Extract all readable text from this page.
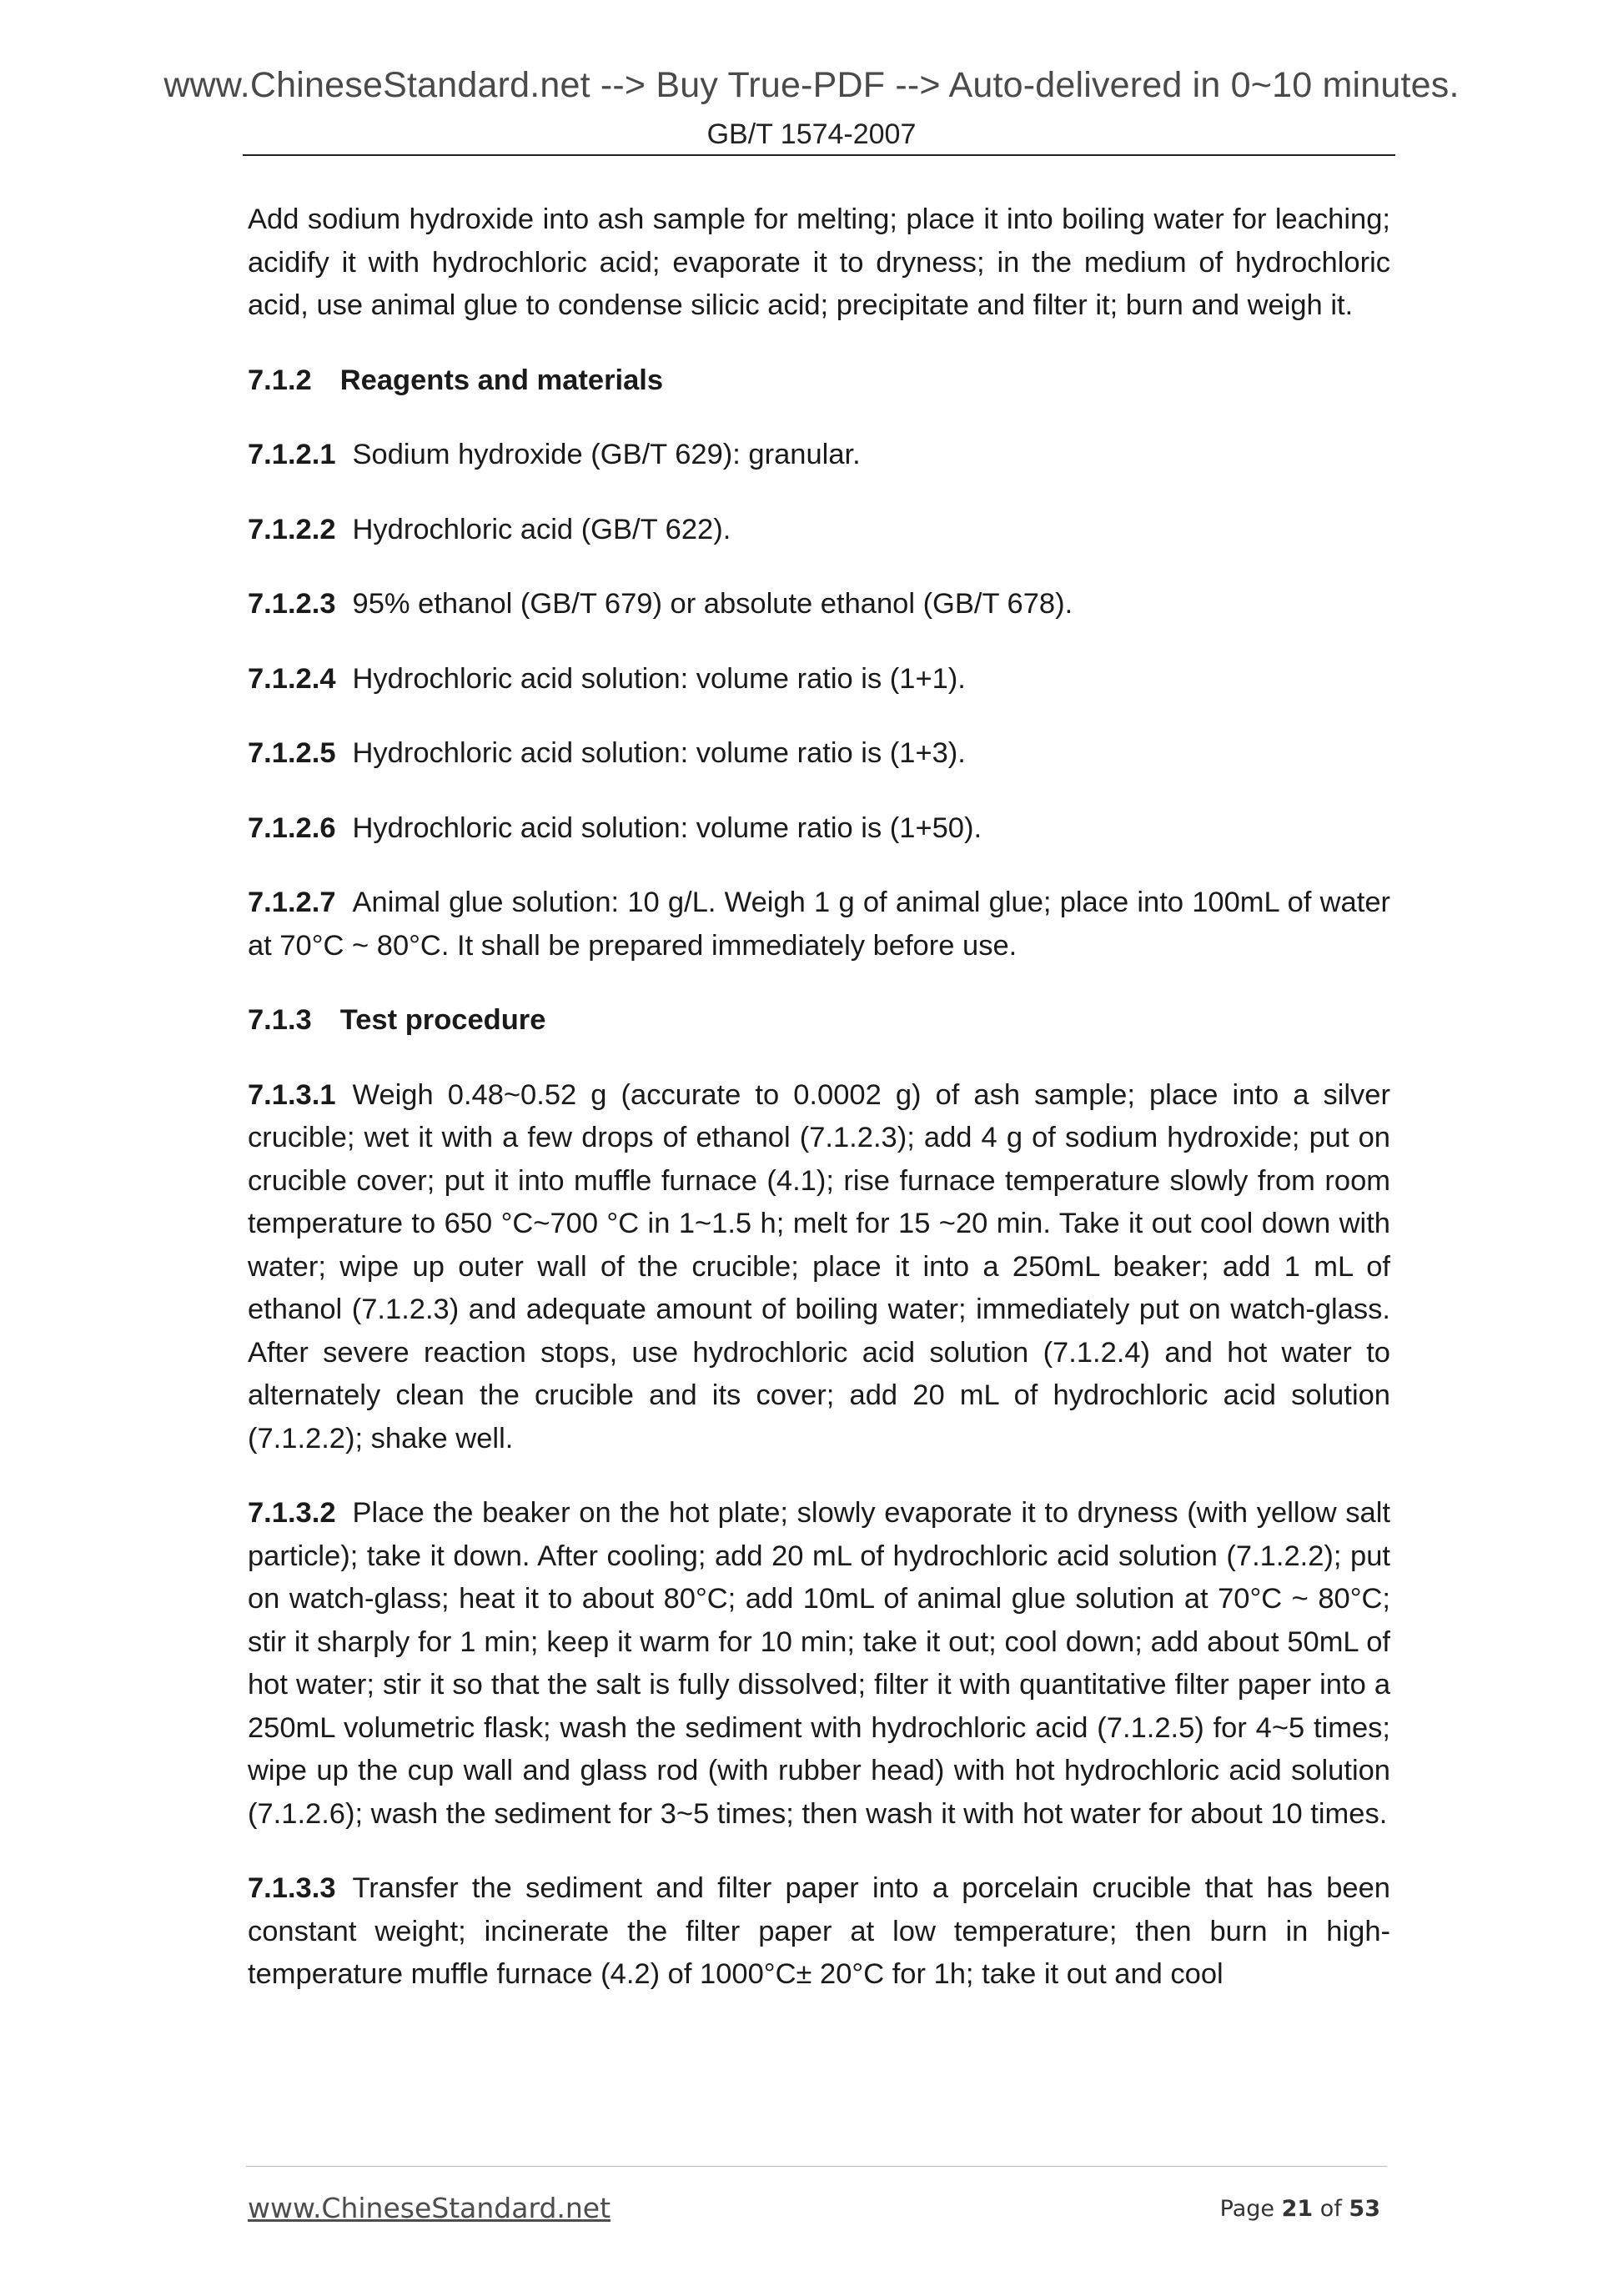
www.ChineseStandard.net --> Buy True-PDF --> Auto-delivered in 0~10 minutes.
GB/T 1574-2007

Add sodium hydroxide into ash sample for melting; place it into boiling water for leaching; acidify it with hydrochloric acid; evaporate it to dryness; in the medium of hydrochloric acid, use animal glue to condense silicic acid; precipitate and filter it; burn and weigh it.

7.1.2 Reagents and materials

7.1.2.1 Sodium hydroxide (GB/T 629): granular.

7.1.2.2 Hydrochloric acid (GB/T 622).

7.1.2.3 95% ethanol (GB/T 679) or absolute ethanol (GB/T 678).

7.1.2.4 Hydrochloric acid solution: volume ratio is (1+1).

7.1.2.5 Hydrochloric acid solution: volume ratio is (1+3).

7.1.2.6 Hydrochloric acid solution: volume ratio is (1+50).

7.1.2.7 Animal glue solution: 10 g/L. Weigh 1 g of animal glue; place into 100mL of water at 70°C ~ 80°C. It shall be prepared immediately before use.

7.1.3 Test procedure

7.1.3.1 Weigh 0.48~0.52 g (accurate to 0.0002 g) of ash sample; place into a silver crucible; wet it with a few drops of ethanol (7.1.2.3); add 4 g of sodium hydroxide; put on crucible cover; put it into muffle furnace (4.1); rise furnace temperature slowly from room temperature to 650 °C~700 °C in 1~1.5 h; melt for 15 ~20 min. Take it out cool down with water; wipe up outer wall of the crucible; place it into a 250mL beaker; add 1 mL of ethanol (7.1.2.3) and adequate amount of boiling water; immediately put on watch-glass. After severe reaction stops, use hydrochloric acid solution (7.1.2.4) and hot water to alternately clean the crucible and its cover; add 20 mL of hydrochloric acid solution (7.1.2.2); shake well.

7.1.3.2 Place the beaker on the hot plate; slowly evaporate it to dryness (with yellow salt particle); take it down. After cooling; add 20 mL of hydrochloric acid solution (7.1.2.2); put on watch-glass; heat it to about 80°C; add 10mL of animal glue solution at 70°C ~ 80°C; stir it sharply for 1 min; keep it warm for 10 min; take it out; cool down; add about 50mL of hot water; stir it so that the salt is fully dissolved; filter it with quantitative filter paper into a 250mL volumetric flask; wash the sediment with hydrochloric acid (7.1.2.5) for 4~5 times; wipe up the cup wall and glass rod (with rubber head) with hot hydrochloric acid solution (7.1.2.6); wash the sediment for 3~5 times; then wash it with hot water for about 10 times.

7.1.3.3 Transfer the sediment and filter paper into a porcelain crucible that has been constant weight; incinerate the filter paper at low temperature; then burn in high-temperature muffle furnace (4.2) of 1000°C± 20°C for 1h; take it out and cool

www.ChineseStandard.net	Page 21 of 53
